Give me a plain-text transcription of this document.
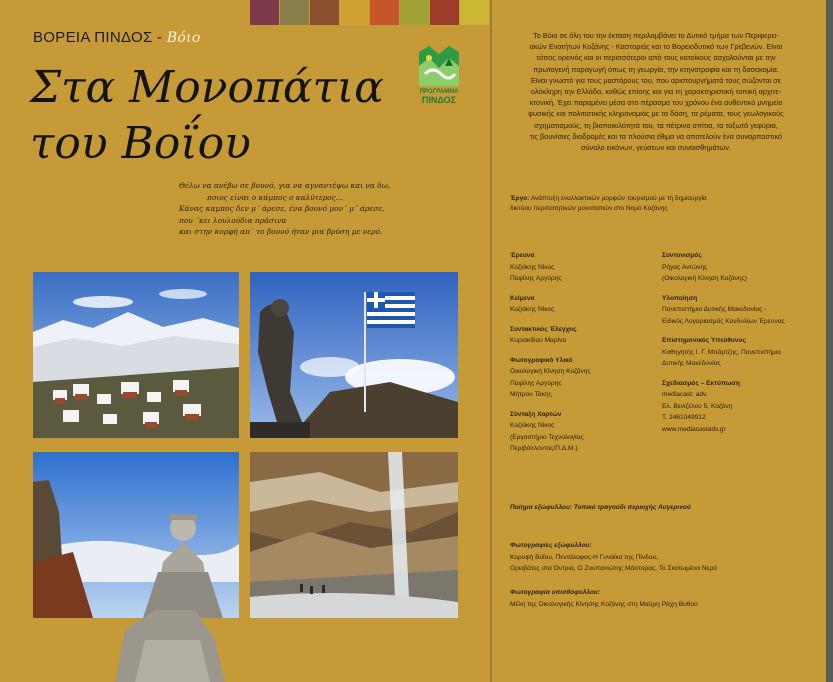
ΒΟΡΕΙΑ ΠΙΝΔΟΣ - Βόιο
Στα Μονοπάτια
του Βοΐου
ΠΡΟΓΡΑΜΜΑ
ΠΙΝΔΟΣ
Θέλω να ανέβω σε βουνό, για να αγναντέψω και να δω,
ποιος είναι ο κάμπος ο καλύτερος…
Κάνας καμπος δεν μ΄ άρεσε, ένα βουνό μον΄ μ΄ άρεσε,
που ΄κει λουλούδια πράσινα
και στην κορφή απ΄ το βουνό ήταν μια βρύση με νερό.
Το Βόιο σε όλη του την έκταση περιλαμβάνει το Δυτικό τμήμα των Περιφερει-
ακών Ενοτήτων Κοζάνης - Καστοριάς και το Βορειοδυτικό των Γρεβενών. Είναι
τόπος ορεινός και οι περισσότεροι από τους κατοίκους ασχολούνται με την
πρωτογενή παραγωγή όπως τη γεωργία, την κτηνοτροφία και τη δασοκομία.
Είναι γνωστό για τους μαστόρους του, που αριστουργήματά τους σώζονται σε
ολόκληρη την Ελλάδα, καθώς επίσης και για τη χαρακτηριστική τοπική αρχιτε-
κτονική. Έχει παραμένει μέσα στο πέρασμα του χρόνου ένα αυθεντικό μνημείο
φυσικής και πολιτιστικής κληρονομιάς με τα δάση, τα ρέματα, τους γεωλογικούς
σχηματισμούς, τη βιοποικιλότητά του, τα πέτρινα σπίτια, τα τοξωτά γεφύρια,
τις βουνίσιες διαδρομές και τα πλούσια έθιμα να αποτελούν ένα συναρπαστικό
σύνολο εικόνων, γεύσεων και συναισθημάτων.
Έργο: Ανάπτυξη εναλλακτικών μορφών τουρισμού με τη δημιουργία
δικτύου περιπατητικών μονοπατιών στο Νομό Κοζάνης
Έρευνα
Κοζιάκης Νίκος
Παφίλης Αργύρης
Κείμενα
Κοζιάκης Νίκος
Συντακτικός Έλεγχος
Κυριακίδου Μαρίνα
Φωτογραφικό Υλικό
Οικολογική Κίνηση Κοζάνης
Παφίλης Αργύρης
Μήτρου Τάκης
Σύνταξη Χαρτών
Κοζιάκης Νίκος
(Εργαστήριο Τεχνολογίας
Περιβάλλοντος/Π.Δ.Μ.)
Συντονισμός
Ρήγας Αντώνης
(Οικολογική Κίνηση Κοζάνης)
Υλοποίηση
Πανεπιστήμιο Δυτικής Μακεδονίας -
Ειδικός Λογαριασμός Κονδυλίων Έρευνας
Επιστημονικός Υπεύθυνος
Καθηγητής Ι. Γ. Μπάρτζης, Πανεπιστήμιο
Δυτικής Μακεδονίας
Σχεδιασμός – Εκτύπωση
mediacast. adv.
Ελ. Βενιζέλου 5, Κοζάνη
Τ. 2461049912
www.mediacastadv.gr
Ποίημα εξώφυλλου: Τοπικό τραγούδι περιοχής Αυγερινού
Φωτογραφίες εξώφυλλου:
Κορυφή Βοΐου, Πεντάλοφος-Η Γυναίκα της Πίνδου,
Ορειβάτες στα Όντρια, Ο Ζουπανιώτης Μάστορας, Το Σκοτωμένα Νερό
Φωτογραφία οπισθόφυλλου:
Μέλη της Οικολογικής Κίνησης Κοζάνης στη Μαύρη Ράχη Βυθού
